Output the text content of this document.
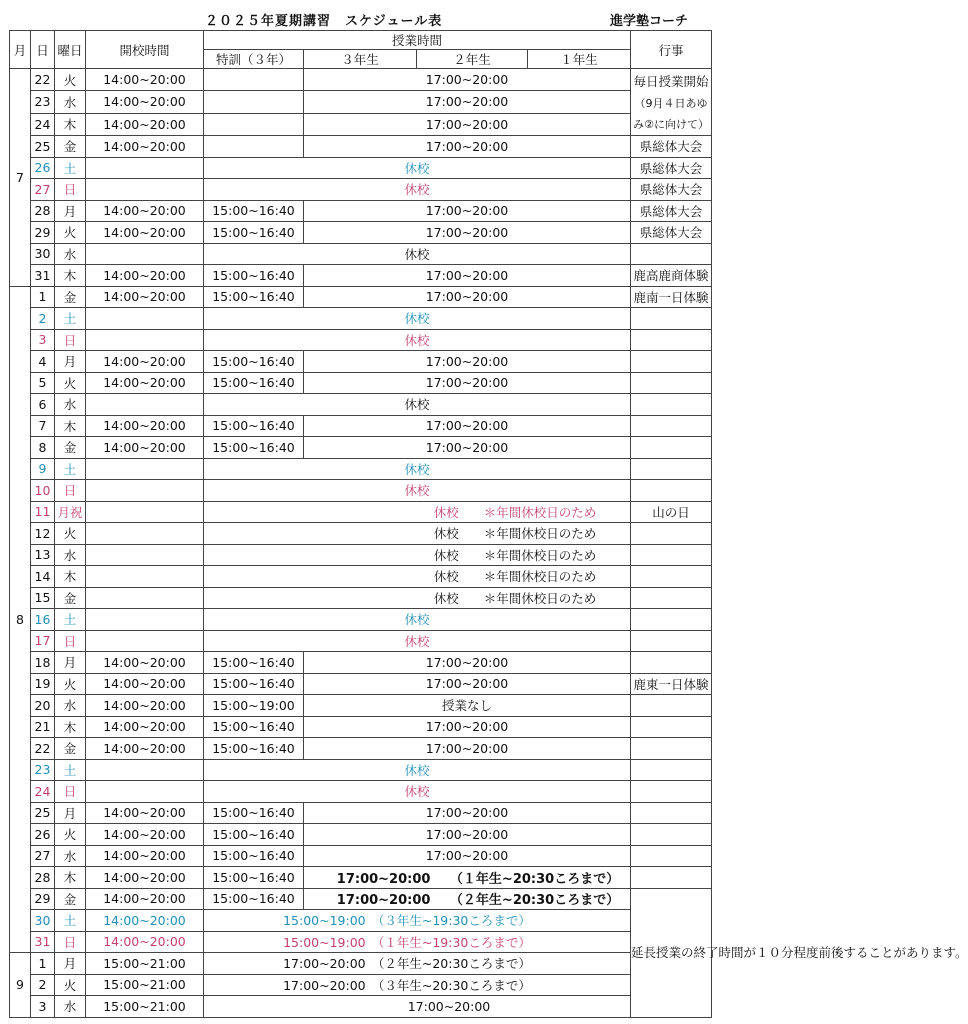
２０２５年夏期講習　スケジュール表	進学塾コーチ
月	日	曜日	開校時間	授業時間				行事	
				特訓（３年）	３年生	２年生	１年生		
7	22	火	14:00~20:00		17:00~20:00			毎日授業開始
（9月４日あゆみ②に向けて）	

	23	水	14:00~20:00		17:00~20:00				
	24	木	14:00~20:00		17:00~20:00				
	25	金	14:00~20:00		17:00~20:00			県総体大会	
	26	土		休校				県総体大会	
	27	日		休校				県総体大会	
	28	月	14:00~20:00	15:00~16:40	17:00~20:00			県総体大会	
	29	火	14:00~20:00	15:00~16:40	17:00~20:00			県総体大会	
	30	水		休校					
	31	木	14:00~20:00	15:00~16:40	17:00~20:00			鹿高鹿商体験	
8	1	金	14:00~20:00	15:00~16:40	17:00~20:00			鹿南一日体験	
	2	土		休校					
	3	日		休校					
	4	月	14:00~20:00	15:00~16:40	17:00~20:00				
	5	火	14:00~20:00	15:00~16:40	17:00~20:00				
	6	水		休校					
	7	木	14:00~20:00	15:00~16:40	17:00~20:00				
	8	金	14:00~20:00	15:00~16:40	17:00~20:00				
	9	土		休校					
	10	日		休校					
	11	月祝		休校　　＊年間休校日のため				山の日	
	12	火		休校　　＊年間休校日のため					
	13	水		休校　　＊年間休校日のため					
	14	木		休校　　＊年間休校日のため					
	15	金		休校　　＊年間休校日のため					
	16	土		休校					
	17	日		休校					
	18	月	14:00~20:00	15:00~16:40	17:00~20:00				
	19	火	14:00~20:00	15:00~16:40	17:00~20:00			鹿東一日体験	
	20	水	14:00~20:00	15:00~19:00	授業なし				
	21	木	14:00~20:00	15:00~16:40	17:00~20:00				
	22	金	14:00~20:00	15:00~16:40	17:00~20:00				
	23	土		休校					
	24	日		休校					
	25	月	14:00~20:00	15:00~16:40	17:00~20:00				
	26	火	14:00~20:00	15:00~16:40	17:00~20:00				
	27	水	14:00~20:00	15:00~16:40	17:00~20:00				
	28	木	14:00~20:00	15:00~16:40	17:00~20:00　　（１年生~20:30ころまで）				
	29	金	14:00~20:00	15:00~16:40	17:00~20:00　　（２年生~20:30ころまで）			延長授業の終了時間が１０分程度前後することがあります。	
	30	土	14:00~20:00	15:00~19:00　（３年生~19:30ころまで）					
	31	日	14:00~20:00	15:00~19:00　（１年生~19:30ころまで）					
9	1	月	15:00~21:00	17:00~20:00　（２年生~20:30ころまで）					
	2	火	15:00~21:00	17:00~20:00　（３年生~20:30ころまで）					
	3	水	15:00~21:00	17:00~20:00					
